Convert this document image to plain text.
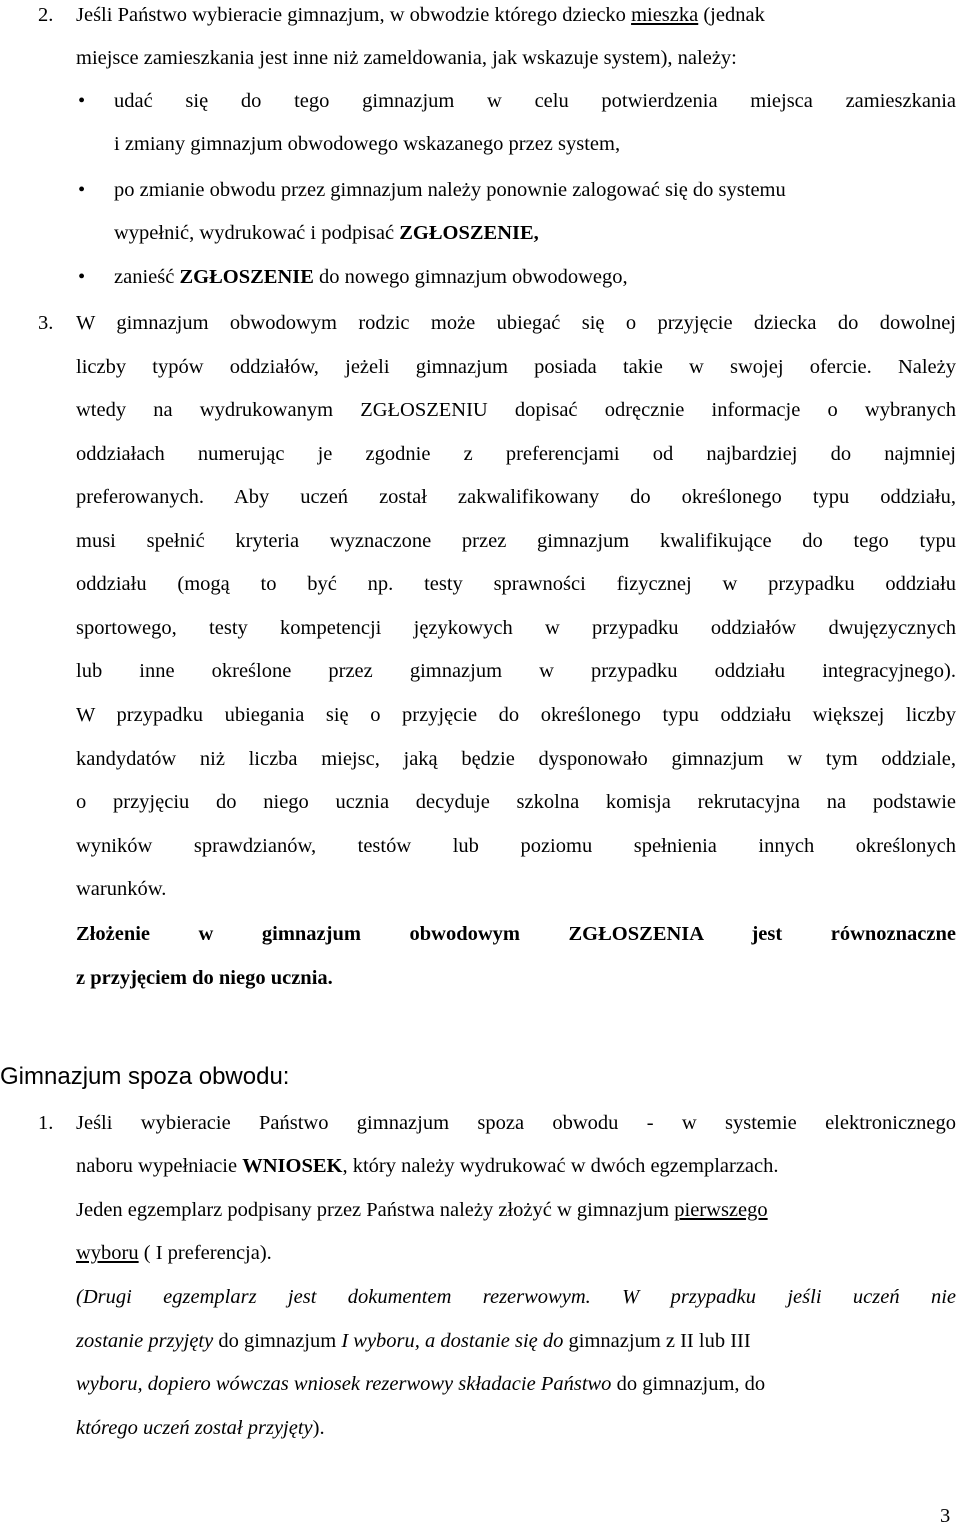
2. Jeśli Państwo wybieracie gimnazjum, w obwodzie którego dziecko mieszka (jednak
miejsce zamieszkania jest inne niż zameldowania, jak wskazuje system), należy:
• udać się do tego gimnazjum w celu potwierdzenia miejsca zamieszkania
i zmiany gimnazjum obwodowego wskazanego przez system,
• po zmianie obwodu przez gimnazjum należy ponownie zalogować się do systemu
wypełnić, wydrukować i podpisać ZGŁOSZENIE,
• zanieść ZGŁOSZENIE do nowego gimnazjum obwodowego,
3. W gimnazjum obwodowym rodzic może ubiegać się o przyjęcie dziecka do dowolnej
liczby typów oddziałów, jeżeli gimnazjum posiada takie w swojej ofercie. Należy
wtedy na wydrukowanym ZGŁOSZENIU dopisać odręcznie informacje o wybranych
oddziałach numerując je zgodnie z preferencjami od najbardziej do najmniej
preferowanych. Aby uczeń został zakwalifikowany do określonego typu oddziału,
musi spełnić kryteria wyznaczone przez gimnazjum kwalifikujące do tego typu
oddziału (mogą to być np. testy sprawności fizycznej w przypadku oddziału
sportowego, testy kompetencji językowych w przypadku oddziałów dwujęzycznych
lub inne określone przez gimnazjum w przypadku oddziału integracyjnego).
W przypadku ubiegania się o przyjęcie do określonego typu oddziału większej liczby
kandydatów niż liczba miejsc, jaką będzie dysponowało gimnazjum w tym oddziale,
o przyjęciu do niego ucznia decyduje szkolna komisja rekrutacyjna na podstawie
wyników sprawdzianów, testów lub poziomu spełnienia innych określonych
warunków.
Złożenie w gimnazjum obwodowym ZGŁOSZENIA jest równoznaczne
z przyjęciem do niego ucznia.
Gimnazjum spoza obwodu:
1. Jeśli wybieracie Państwo gimnazjum spoza obwodu - w systemie elektronicznego
naboru wypełniacie WNIOSEK, który należy wydrukować w dwóch egzemplarzach.
Jeden egzemplarz podpisany przez Państwa należy złożyć w gimnazjum pierwszego
wyboru ( I preferencja).
(Drugi egzemplarz jest dokumentem rezerwowym. W przypadku jeśli uczeń nie
zostanie przyjęty do gimnazjum I wyboru, a dostanie się do gimnazjum z II lub III
wyboru, dopiero wówczas wniosek rezerwowy składacie Państwo do gimnazjum, do
którego uczeń został przyjęty).
3
